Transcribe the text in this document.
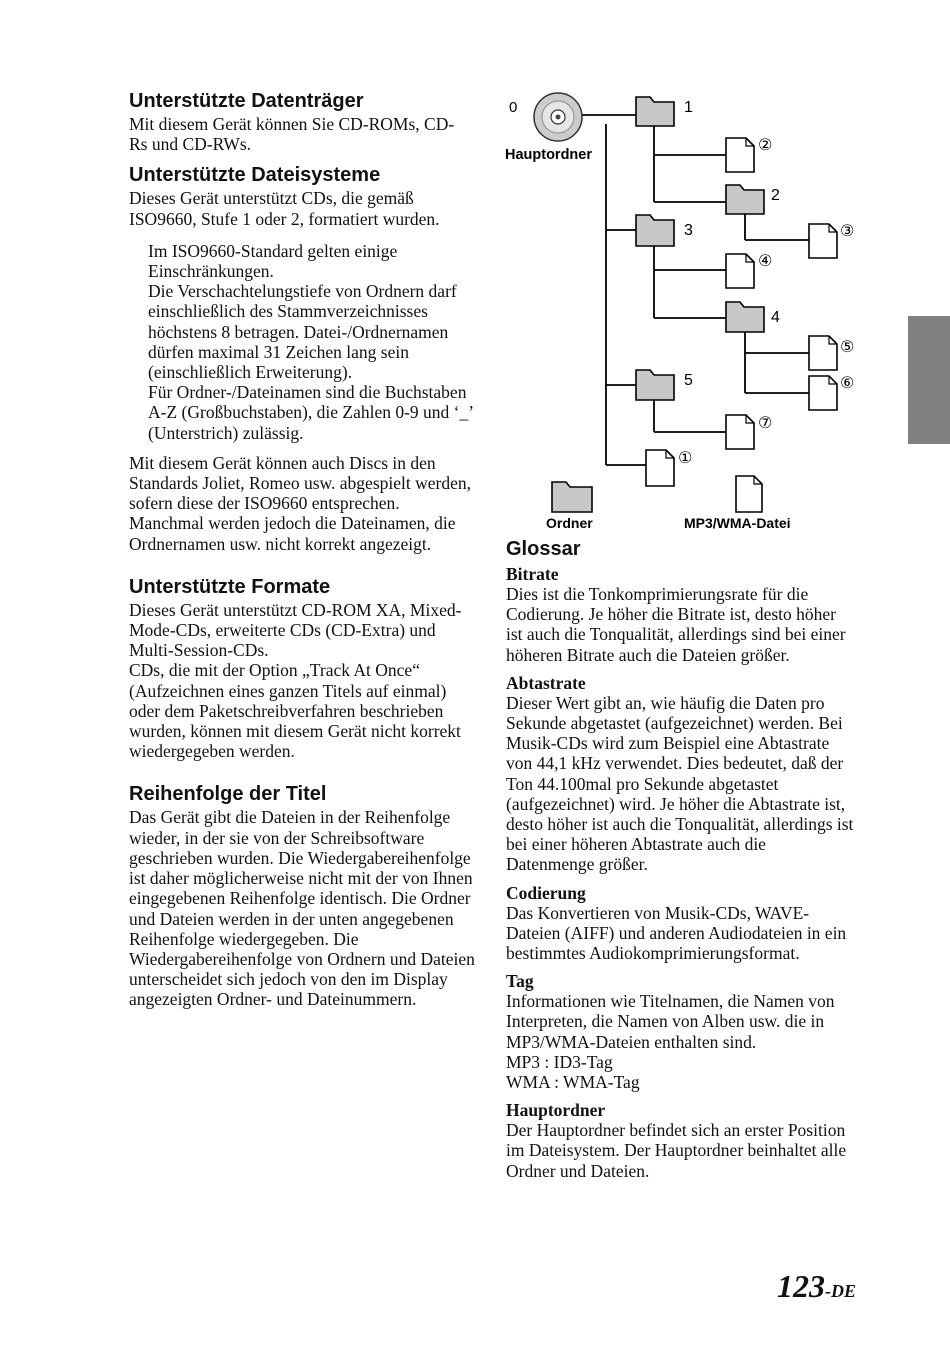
Unterstützte Datenträger

Mit diesem Gerät können Sie CD-ROMs, CD-Rs und CD-RWs.

Unterstützte Dateisysteme

Dieses Gerät unterstützt CDs, die gemäß ISO9660, Stufe 1 oder 2, formatiert wurden.

Im ISO9660-Standard gelten einige Einschränkungen.
Die Verschachtelungstiefe von Ordnern darf einschließlich des Stammverzeichnisses höchstens 8 betragen. Datei-/Ordnernamen dürfen maximal 31 Zeichen lang sein (einschließlich Erweiterung).
Für Ordner-/Dateinamen sind die Buchstaben A-Z (Großbuchstaben), die Zahlen 0-9 und ‘_’ (Unterstrich) zulässig.

Mit diesem Gerät können auch Discs in den Standards Joliet, Romeo usw. abgespielt werden, sofern diese der ISO9660 entsprechen. Manchmal werden jedoch die Dateinamen, die Ordnernamen usw. nicht korrekt angezeigt.

Unterstützte Formate

Dieses Gerät unterstützt CD-ROM XA, Mixed-Mode-CDs, erweiterte CDs (CD-Extra) und Multi-Session-CDs.
CDs, die mit der Option „Track At Once“ (Aufzeichnen eines ganzen Titels auf einmal) oder dem Paketschreibverfahren beschrieben wurden, können mit diesem Gerät nicht korrekt wiedergegeben werden.

Reihenfolge der Titel

Das Gerät gibt die Dateien in der Reihenfolge wieder, in der sie von der Schreibsoftware geschrieben wurden. Die Wiedergabereihenfolge ist daher möglicherweise nicht mit der von Ihnen eingegebenen Reihenfolge identisch. Die Ordner und Dateien werden in der unten angegebenen Reihenfolge wiedergegeben. Die Wiedergabereihenfolge von Ordnern und Dateien unterscheidet sich jedoch von den im Display angezeigten Ordner- und Dateinummern.

0
Hauptordner
1
2
3
4
5
②
③
④
⑤
⑥
⑦
①
Ordner	MP3/WMA-Datei
Glossar
Bitrate

Dies ist die Tonkomprimierungsrate für die Codierung. Je höher die Bitrate ist, desto höher ist auch die Tonqualität, allerdings sind bei einer höheren Bitrate auch die Dateien größer.

Abtastrate

Dieser Wert gibt an, wie häufig die Daten pro Sekunde abgetastet (aufgezeichnet) werden. Bei Musik-CDs wird zum Beispiel eine Abtastrate von 44,1 kHz verwendet. Dies bedeutet, daß der Ton 44.100mal pro Sekunde abgetastet (aufgezeichnet) wird. Je höher die Abtastrate ist, desto höher ist auch die Tonqualität, allerdings ist bei einer höheren Abtastrate auch die Datenmenge größer.

Codierung

Das Konvertieren von Musik-CDs, WAVE-Dateien (AIFF) und anderen Audiodateien in ein bestimmtes Audiokomprimierungsformat.

Tag

Informationen wie Titelnamen, die Namen von Interpreten, die Namen von Alben usw. die in MP3/WMA-Dateien enthalten sind.
MP3 : ID3-Tag
WMA : WMA-Tag

Hauptordner

Der Hauptordner befindet sich an erster Position im Dateisystem. Der Hauptordner beinhaltet alle Ordner und Dateien.

123-DE
